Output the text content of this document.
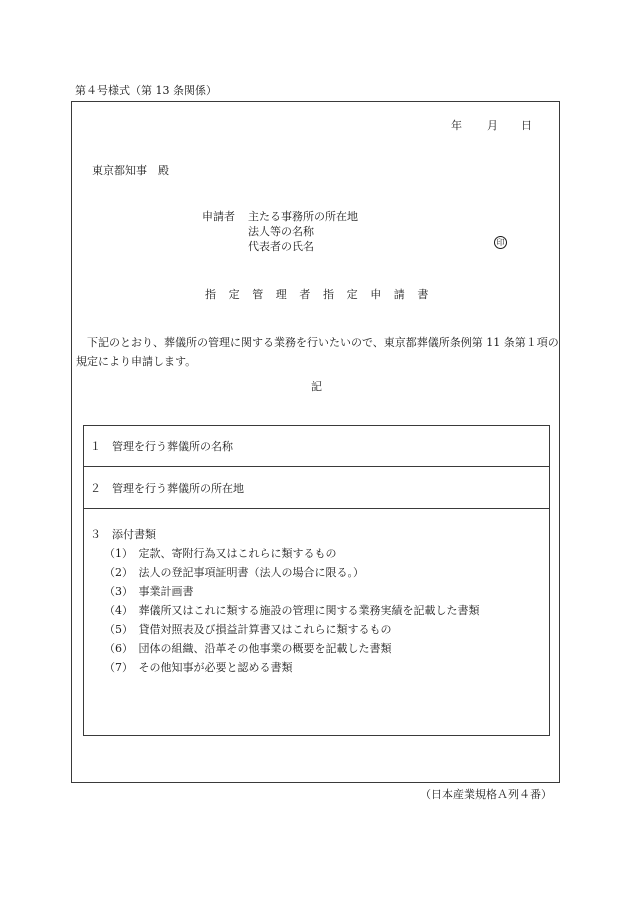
第４号様式（第 13 条関係）
年 月 日
東京都知事　殿
申請者 主たる事務所の所在地
法人等の名称
代表者の氏名	印
指定管理者指定申請書
下記のとおり、葬儀所の管理に関する業務を行いたいので、東京都葬儀所条例第 11 条第１項の規定により申請します。
記
１　管理を行う葬儀所の名称
２　管理を行う葬儀所の所在地
３　添付書類
（1）　定款、寄附行為又はこれらに類するもの
（2）　法人の登記事項証明書（法人の場合に限る。）
（3）　事業計画書
（4）　葬儀所又はこれに類する施設の管理に関する業務実績を記載した書類
（5）　貸借対照表及び損益計算書又はこれらに類するもの
（6）　団体の組織、沿革その他事業の概要を記載した書類
（7）　その他知事が必要と認める書類
（日本産業規格Ａ列４番）
